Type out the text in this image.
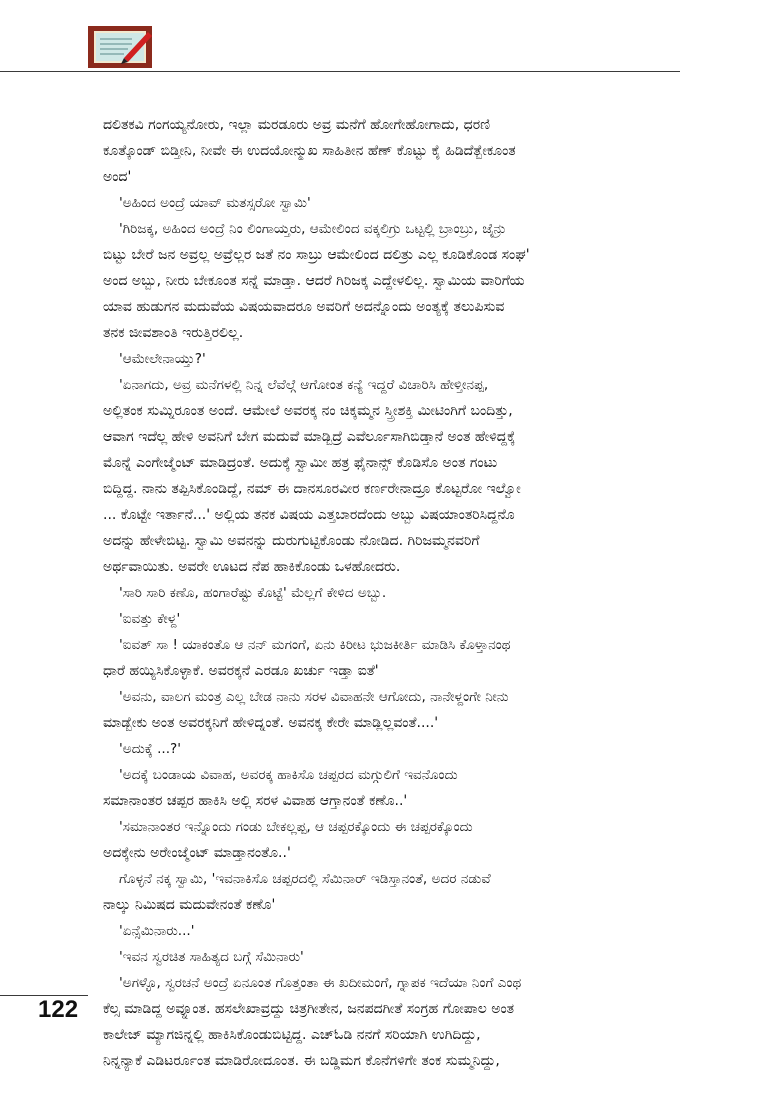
ದಲಿತಕವಿ ಗಂಗಯ್ಯನೋರು, ಇಲ್ಲಾ ಮರಡೂರು ಅವ್ರ ಮನೆಗೆ ಹೋಗೇಹೋಗಾದು, ಧರಣಿ
ಕೂತ್ಕೊಂಡ್ ಬಿಡ್ತೀನಿ, ನೀವೇ ಈ ಉದಯೋನ್ಮುಖ ಸಾಹಿತೀನ ಹೆಣ್ ಕೊಟ್ಟು ಕೈ ಹಿಡಿದೆತ್ಬೇಕೂಂತ
ಅಂದ'
'ಅಹಿಂದ ಅಂದ್ರೆ ಯಾವ್ ಮತಸ್ಸರೋ ಸ್ವಾಮಿ'
'ಗಿರಿಜಕ್ಕ, ಅಹಿಂದ ಅಂದ್ರೆ ನಿಂ ಲಿಂಗಾಯ್ತರು, ಆಮೇಲಿಂದ ವಕ್ಕಲಿಗ್ರು ಒಟ್ಟಲ್ಲಿ ಬ್ರಾಂಬ್ರು, ಜೈನ್ರು
ಬಿಟ್ಟು ಬೇರೆ ಜನ ಅವ್ರಲ್ಲ ಅವ್ರೆಲ್ಲರ ಜತೆ ನಂ ಸಾಬ್ರು ಆಮೇಲಿಂದ ದಲಿತ್ರು ಎಲ್ಲ ಕೂಡಿಕೊಂಡ ಸಂಘ'
ಅಂದ ಅಬ್ಬು, ನೀರು ಬೇಕೂಂತ ಸನ್ನೆ ಮಾಡ್ತಾ. ಆದರೆ ಗಿರಿಜಕ್ಕ ಎದ್ದೇಳಲಿಲ್ಲ. ಸ್ವಾಮಿಯ ವಾರಿಗೆಯ
ಯಾವ ಹುಡುಗನ ಮದುವೆಯ ವಿಷಯವಾದರೂ ಅವರಿಗೆ ಅದನ್ನೊಂದು ಅಂತ್ಯಕ್ಕೆ ತಲುಪಿಸುವ
ತನಕ ಜೀವಶಾಂತಿ ಇರುತ್ತಿರಲಿಲ್ಲ.
'ಆಮೇಲೇನಾಯ್ತು?'
'ಏನಾಗದು, ಅವ್ರ ಮನೆಗಳಲ್ಲಿ ನಿನ್ನ ಲೆವೆಲ್ಗೆ ಆಗೋಂತ ಕನ್ಯೆ ಇದ್ದರೆ ವಿಚಾರಿಸಿ ಹೇಳ್ತೀನಪ್ಪ,
ಅಲ್ಲಿತಂಕ ಸುಮ್ನಿರೂಂತ ಅಂದೆ. ಆಮೇಲೆ ಅವರಕ್ಕ ನಂ ಚಿಕ್ಕಮ್ಮನ ಸ್ತ್ರೀಶಕ್ತಿ ಮೀಟಿಂಗಿಗೆ ಬಂದಿತ್ತು,
ಆವಾಗ ಇದೆಲ್ಲ ಹೇಳಿ ಅವನಿಗೆ ಬೇಗ ಮದುವೆ ಮಾಡ್ಬಿದ್ರೆ ಎವೆರ್ಲೂಸಾಗಿಬಿಡ್ತಾನೆ ಅಂತ ಹೇಳಿದ್ದಕ್ಕೆ
ಮೊನ್ನೆ ಎಂಗೇಜ್ಮೆಂಟ್ ಮಾಡಿದ್ರಂತೆ. ಅದುಕ್ಕೆ ಸ್ವಾಮೀ ಹತ್ರ ಫೈನಾನ್ಸ್ ಕೊಡಿಸೊ ಅಂತ ಗಂಟು
ಬಿದ್ದಿದ್ದ. ನಾನು ತಪ್ಪಿಸಿಕೊಂಡಿದ್ದೆ, ನಮ್ ಈ ದಾನಸೂರವೀರ ಕರ್ಣರೇನಾದ್ರೂ ಕೊಟ್ಟರೋ ಇಲ್ವೋ
... ಕೊಟ್ಟೇ ಇರ್ತಾನೆ...' ಅಲ್ಲಿಯ ತನಕ ವಿಷಯ ಎತ್ತಬಾರದೆಂದು ಅಬ್ಬು ವಿಷಯಾಂತರಿಸಿದ್ದನೊ
ಅದನ್ನು ಹೇಳೇಬಿಟ್ಟ. ಸ್ವಾಮಿ ಅವನನ್ನು ದುರುಗುಟ್ಟಿಕೊಂಡು ನೋಡಿದ. ಗಿರಿಜಮ್ಮನವರಿಗೆ
ಅರ್ಥವಾಯಿತು. ಅವರೇ ಊಟದ ನೆಪ ಹಾಕಿಕೊಂಡು ಒಳಹೋದರು.
'ಸಾರಿ ಸಾರಿ ಕಣೊ, ಹಂಗಾರೆಷ್ಟು ಕೊಟ್ಟೆ' ಮೆಲ್ಲಗೆ ಕೇಳಿದ ಅಬ್ಬು.
'ಐವತ್ತು ಕೇಳ್ದ'
'ಐವತ್ ಸಾ ! ಯಾಕಂತೊ ಆ ನನ್ ಮಗಂಗೆ, ಏನು ಕಿರೀಟ ಭುಜಕೀರ್ತಿ ಮಾಡಿಸಿ ಕೊಳ್ತಾನಂಥ
ಧಾರೆ ಹಯ್ಯಿಸಿಕೊಳ್ಳಾಕೆ. ಅವರಕ್ಕನೆ ಎರಡೂ ಖರ್ಚು ಇಡ್ತಾ ಐತೆ'
'ಅವನು, ವಾಲಗ ಮಂತ್ರ ಎಲ್ಲ ಬೇಡ ನಾನು ಸರಳ ವಿವಾಹನೇ ಆಗೋದು, ನಾನೇಳ್ದಂಗೇ ನೀನು
ಮಾಡ್ಬೇಕು ಅಂತ ಅವರಕ್ಕನಿಗೆ ಹೇಳಿದ್ನಂತೆ. ಅವನಕ್ಕ ಕೇರೇ ಮಾಡ್ಲಿಲ್ಲವಂತೆ....'
'ಅದುಕ್ಕೆ ...?'
'ಅದಕ್ಕೆ ಬಂಡಾಯ ವಿವಾಹ, ಅವರಕ್ಕ ಹಾಕಿಸೊ ಚಪ್ಪರದ ಮಗ್ಗುಲಿಗೆ ಇವನೊಂದು
ಸಮಾನಾಂತರ ಚಪ್ಪರ ಹಾಕಿಸಿ ಅಲ್ಲಿ ಸರಳ ವಿವಾಹ ಆಗ್ತಾನಂತೆ ಕಣೊ..'
'ಸಮಾನಾಂತರ ಇನ್ನೊಂದು ಗಂಡು ಬೇಕಲ್ಲಪ್ಪ, ಆ ಚಪ್ಪರಕ್ಕೊಂದು ಈ ಚಪ್ಪರಕ್ಕೊಂದು
ಅದಕ್ಕೇನು ಅರೇಂಜ್ಮೆಂಟ್ ಮಾಡ್ತಾನಂತೊ..'
ಗೊಳ್ಳನೆ ನಕ್ಕ ಸ್ವಾಮಿ, 'ಇವನಾಕಿಸೊ ಚಪ್ಪರದಲ್ಲಿ ಸೆಮಿನಾರ್ ಇಡಿಸ್ತಾನಂತೆ, ಅದರ ನಡುವೆ
ನಾಲ್ಕು ನಿಮಿಷದ ಮದುವೇನಂತೆ ಕಣೊ'
'ಏನ್ಸೆಮಿನಾರು...'
'ಇವನ ಸ್ವರಚಿತ ಸಾಹಿತ್ಯದ ಬಗ್ಗೆ ಸೆಮಿನಾರು'
'ಅಗಳ್ಳೊ, ಸ್ವರಚನೆ ಅಂದ್ರೆ ಏನೂಂತ ಗೊತ್ತಂತಾ ಈ ಖದೀಮಂಗೆ, ಗ್ನಾಪಕ ಇದೆಯಾ ನಿಂಗೆ ಎಂಥ
ಕೆಲ್ಸ ಮಾಡಿದ್ದ ಅವ್ನೂಂತ. ಹಸಲೇಖಾವ್ರದ್ದು ಚಿತ್ರಗೀತೇನ, ಜನಪದಗೀತೆ ಸಂಗ್ರಹ ಗೋಪಾಲ ಅಂತ
ಕಾಲೇಜ್ ಮ್ಯಾಗಜಿನ್ನಲ್ಲಿ ಹಾಕಿಸಿಕೊಂಡುಬಿಟ್ಟಿದ್ದ. ಎಚ್ಓಡಿ ನನಗೆ ಸರಿಯಾಗಿ ಉಗಿದಿದ್ದು,
ನಿನ್ನನ್ಯಾಕೆ ಎಡಿಟರ್ರೂಂತ ಮಾಡಿರೋದೂಂತ. ಈ ಬಡ್ಡಿಮಗ ಕೊನೆಗಳಿಗೇ ತಂಕ ಸುಮ್ಮನಿದ್ದು,
122
